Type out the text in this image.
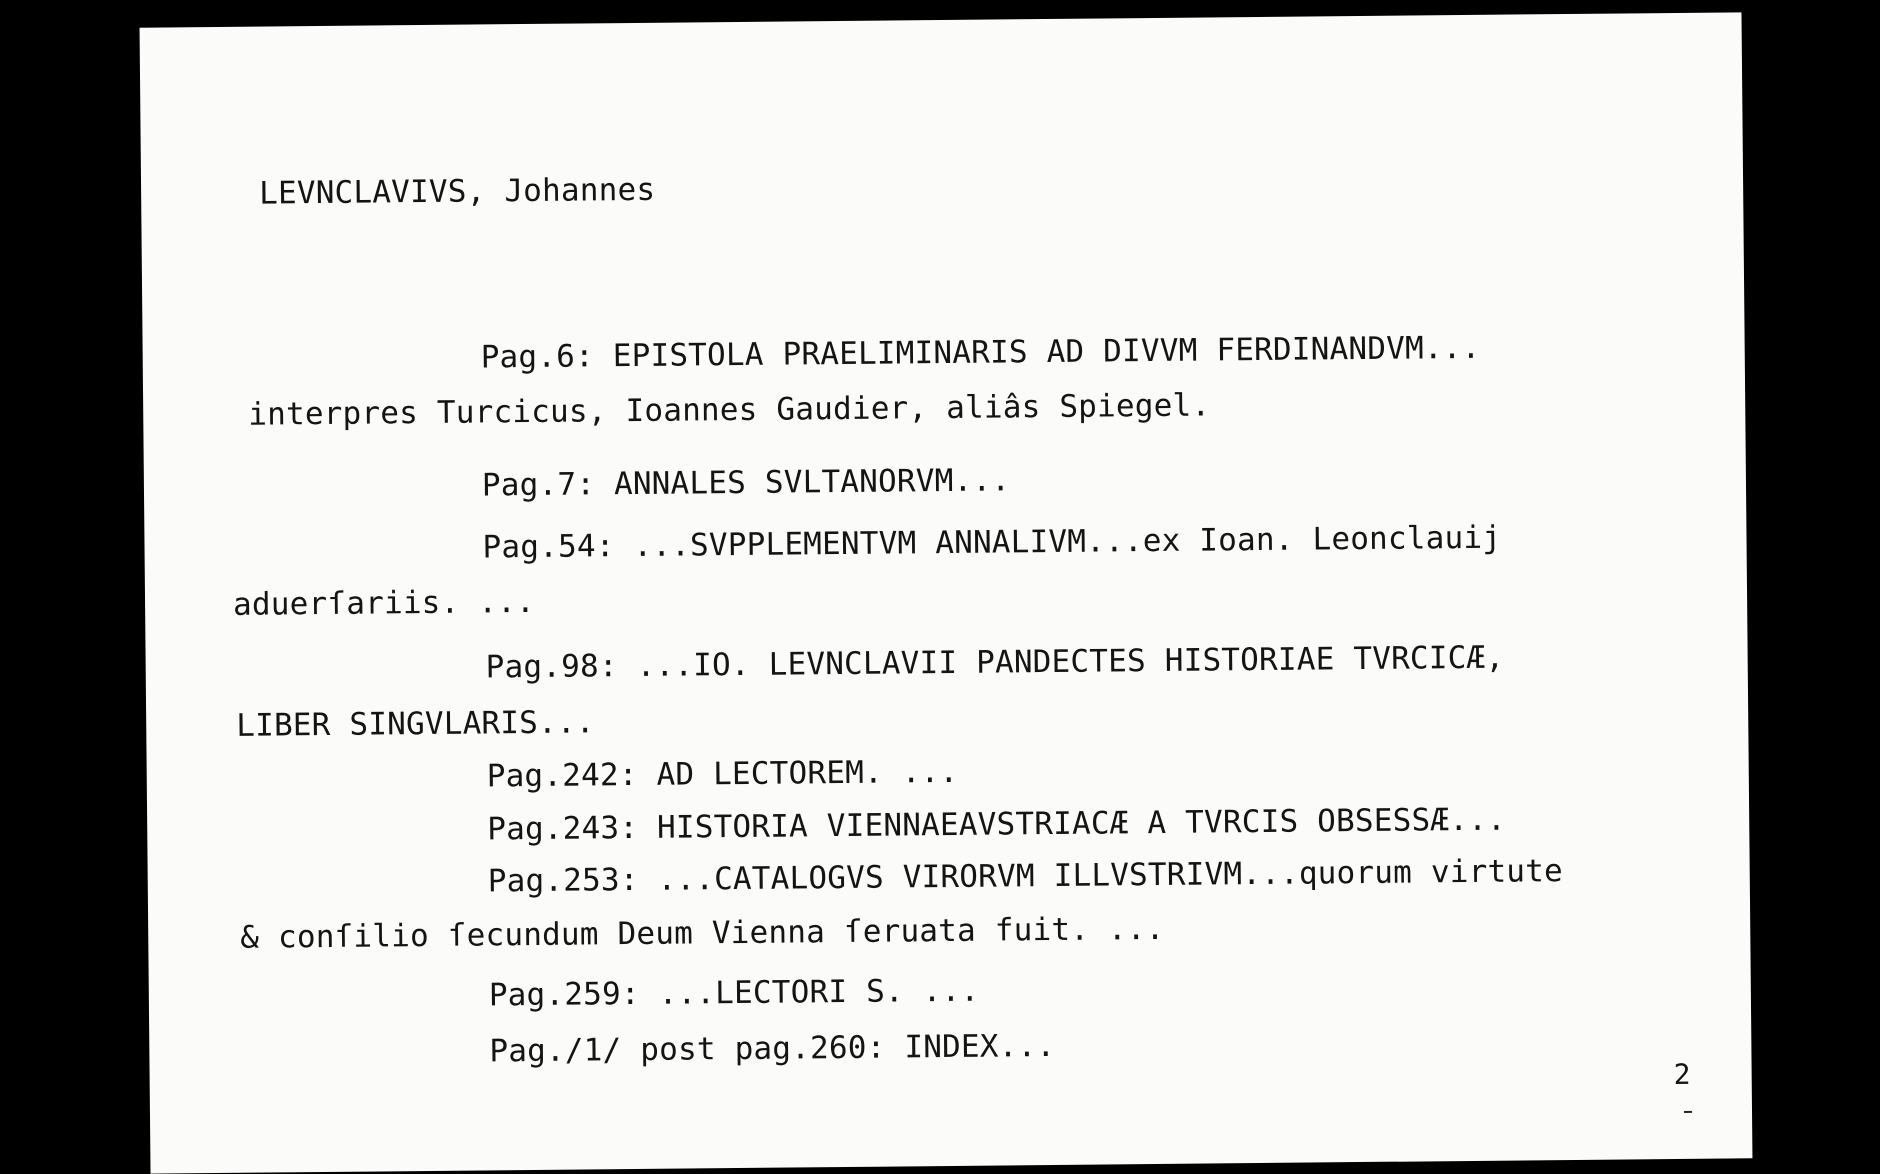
LEVNCLAVIVS, Johannes
Pag.6: EPISTOLA PRAELIMINARIS AD DIVVM FERDINANDVM...
interpres Turcicus, Ioannes Gaudier, aliâs Spiegel.
Pag.7: ANNALES SVLTANORVM...
Pag.54: ...SVPPLEMENTVM ANNALIVM...ex Ioan. Leonclauij
aduerſariis. ...
Pag.98: ...IO. LEVNCLAVII PANDECTES HISTORIAE TVRCICÆ,
LIBER SINGVLARIS...
Pag.242: AD LECTOREM. ...
Pag.243: HISTORIA VIENNAEAVSTRIACÆ A TVRCIS OBSESSÆ...
Pag.253: ...CATALOGVS VIRORVM ILLVSTRIVM...quorum virtute
& conſilio ſecundum Deum Vienna ſeruata fuit. ...
Pag.259: ...LECTORI S. ...
Pag./1/ post pag.260: INDEX...
2
